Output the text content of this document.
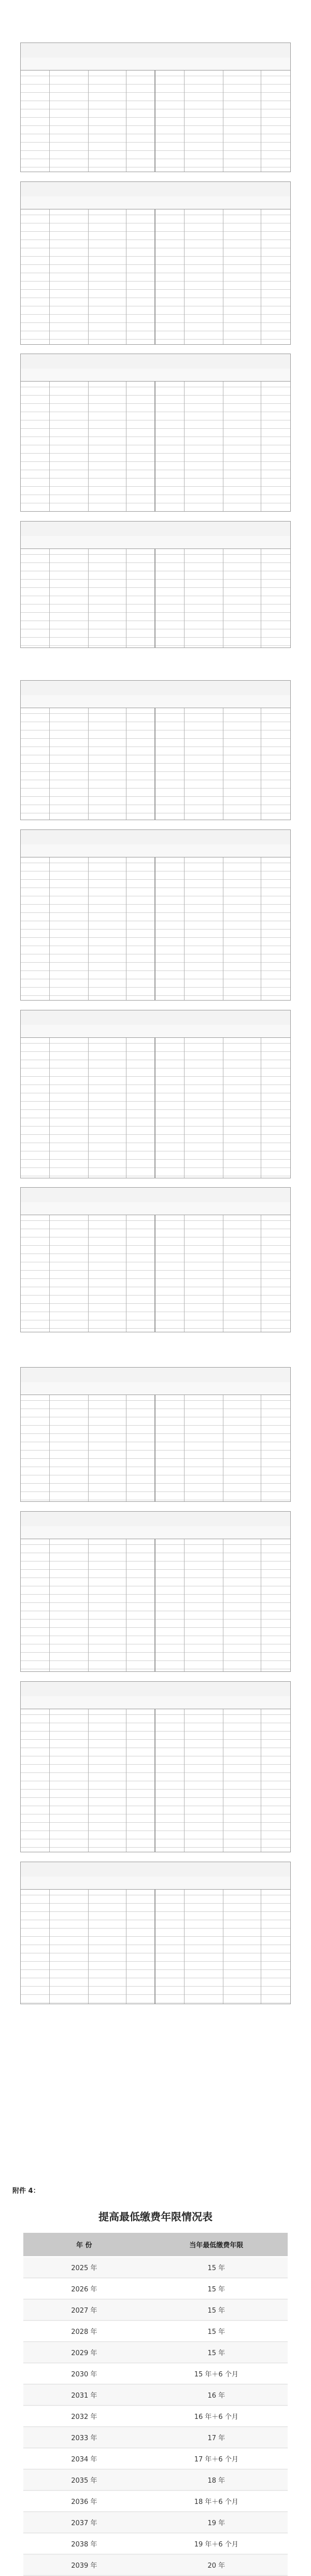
附件 4：
提高最低缴费年限情况表
年 份	当年最低缴费年限
2025 年	15 年
2026 年	15 年
2027 年	15 年
2028 年	15 年
2029 年	15 年
2030 年	15 年＋6 个月
2031 年	16 年
2032 年	16 年＋6 个月
2033 年	17 年
2034 年	17 年＋6 个月
2035 年	18 年
2036 年	18 年＋6 个月
2037 年	19 年
2038 年	19 年＋6 个月
2039 年	20 年
